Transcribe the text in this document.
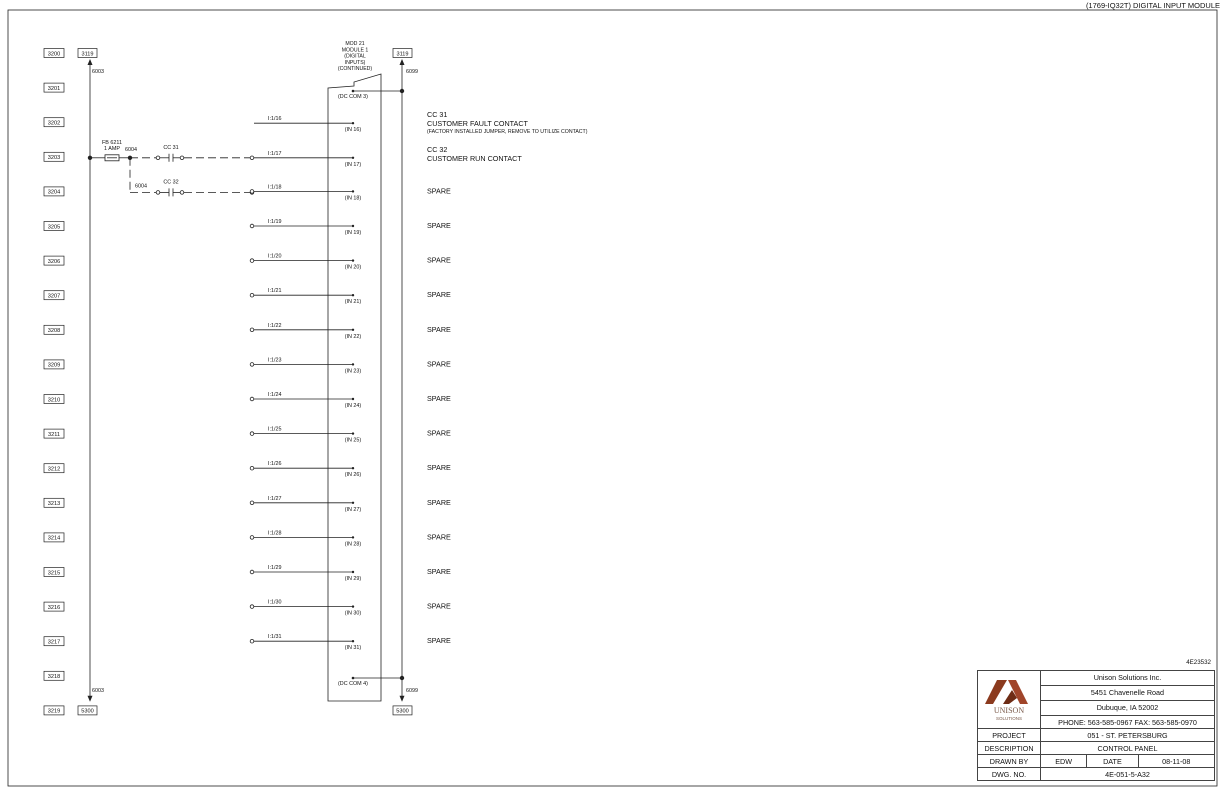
3200
3201
3202
3203
3204
3205
3206
3207
3208
3209
3210
3211
3212
3213
3214
3215
3216
3217
3218
3219
3119
5300
3119
5300
6003
6003
6099
6099
MOD 21
MODULE 1
(DIGITAL
INPUTS)
(CONTINUED)
(DC COM 3)
(DC COM 4)
FB 6211
1 AMP 6004	CC 31
6004
CC 32
I:1/16
(IN 16)
CC 31
CUSTOMER FAULT CONTACT
(FACTORY INSTALLED JUMPER, REMOVE TO UTILIZE CONTACT)
I:1/17
(IN 17)
CC 32
CUSTOMER RUN CONTACT
I:1/18
(IN 18)
SPARE
I:1/19
(IN 19)
SPARE
I:1/20
(IN 20)
SPARE
I:1/21
(IN 21)
SPARE
I:1/22
(IN 22)
SPARE
I:1/23
(IN 23)
SPARE
I:1/24
(IN 24)
SPARE
I:1/25
(IN 25)
SPARE
I:1/26
(IN 26)
SPARE
I:1/27
(IN 27)
SPARE
I:1/28
(IN 28)
SPARE
I:1/29
(IN 29)
SPARE
I:1/30
(IN 30)
SPARE
I:1/31
(IN 31)
SPARE
4E23532
(1769-IQ32T) DIGITAL INPUT MODULE
UNISON
SOLUTIONS	Unison Solutions Inc.		
	5451 Chavenelle Road		
	Dubuque, IA 52002		
	PHONE: 563-585-0967 FAX: 563-585-0970		
PROJECT	051 - ST. PETERSBURG		
DESCRIPTION	CONTROL PANEL		
DRAWN BY	EDW	DATE	08-11-08
DWG. NO.	4E-051-5-A32		
